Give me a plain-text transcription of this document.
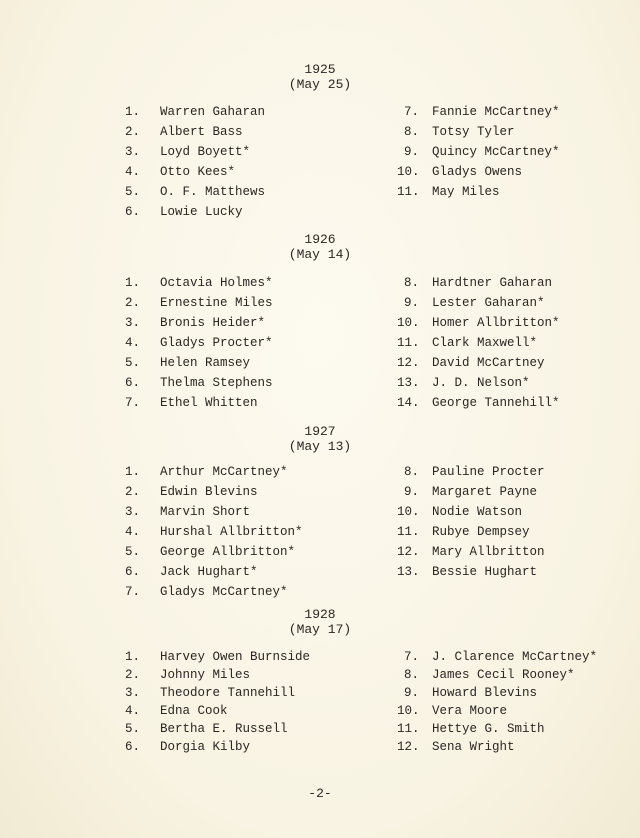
1925
(May 25)
1.	Warren Gaharan
2.	Albert Bass
3.	Loyd Boyett*
4.	Otto Kees*
5.	O. F. Matthews
6.	Lowie Lucky
7.	Fannie McCartney*
8.	Totsy Tyler
9.	Quincy McCartney*
10. Gladys Owens
11. May Miles
1926
(May 14)
1.	Octavia Holmes*
2.	Ernestine Miles
3.	Bronis Heider*
4.	Gladys Procter*
5.	Helen Ramsey
6.	Thelma Stephens
7.	Ethel Whitten
8.	Hardtner Gaharan
9.	Lester Gaharan*
10. Homer Allbritton*
11. Clark Maxwell*
12. David McCartney
13. J. D. Nelson*
14. George Tannehill*
1927
(May 13)
1.	Arthur McCartney*
2.	Edwin Blevins
3.	Marvin Short
4.	Hurshal Allbritton*
5.	George Allbritton*
6.	Jack Hughart*
7.	Gladys McCartney*
8.	Pauline Procter
9.	Margaret Payne
10. Nodie Watson
11. Rubye Dempsey
12. Mary Allbritton
13. Bessie Hughart
1928
(May 17)
1.	Harvey Owen Burnside
2.	Johnny Miles
3.	Theodore Tannehill
4.	Edna Cook
5.	Bertha E. Russell
6.	Dorgia Kilby
7.	J. Clarence McCartney*
8.	James Cecil Rooney*
9.	Howard Blevins
10. Vera Moore
11. Hettye G. Smith
12. Sena Wright
-2-
